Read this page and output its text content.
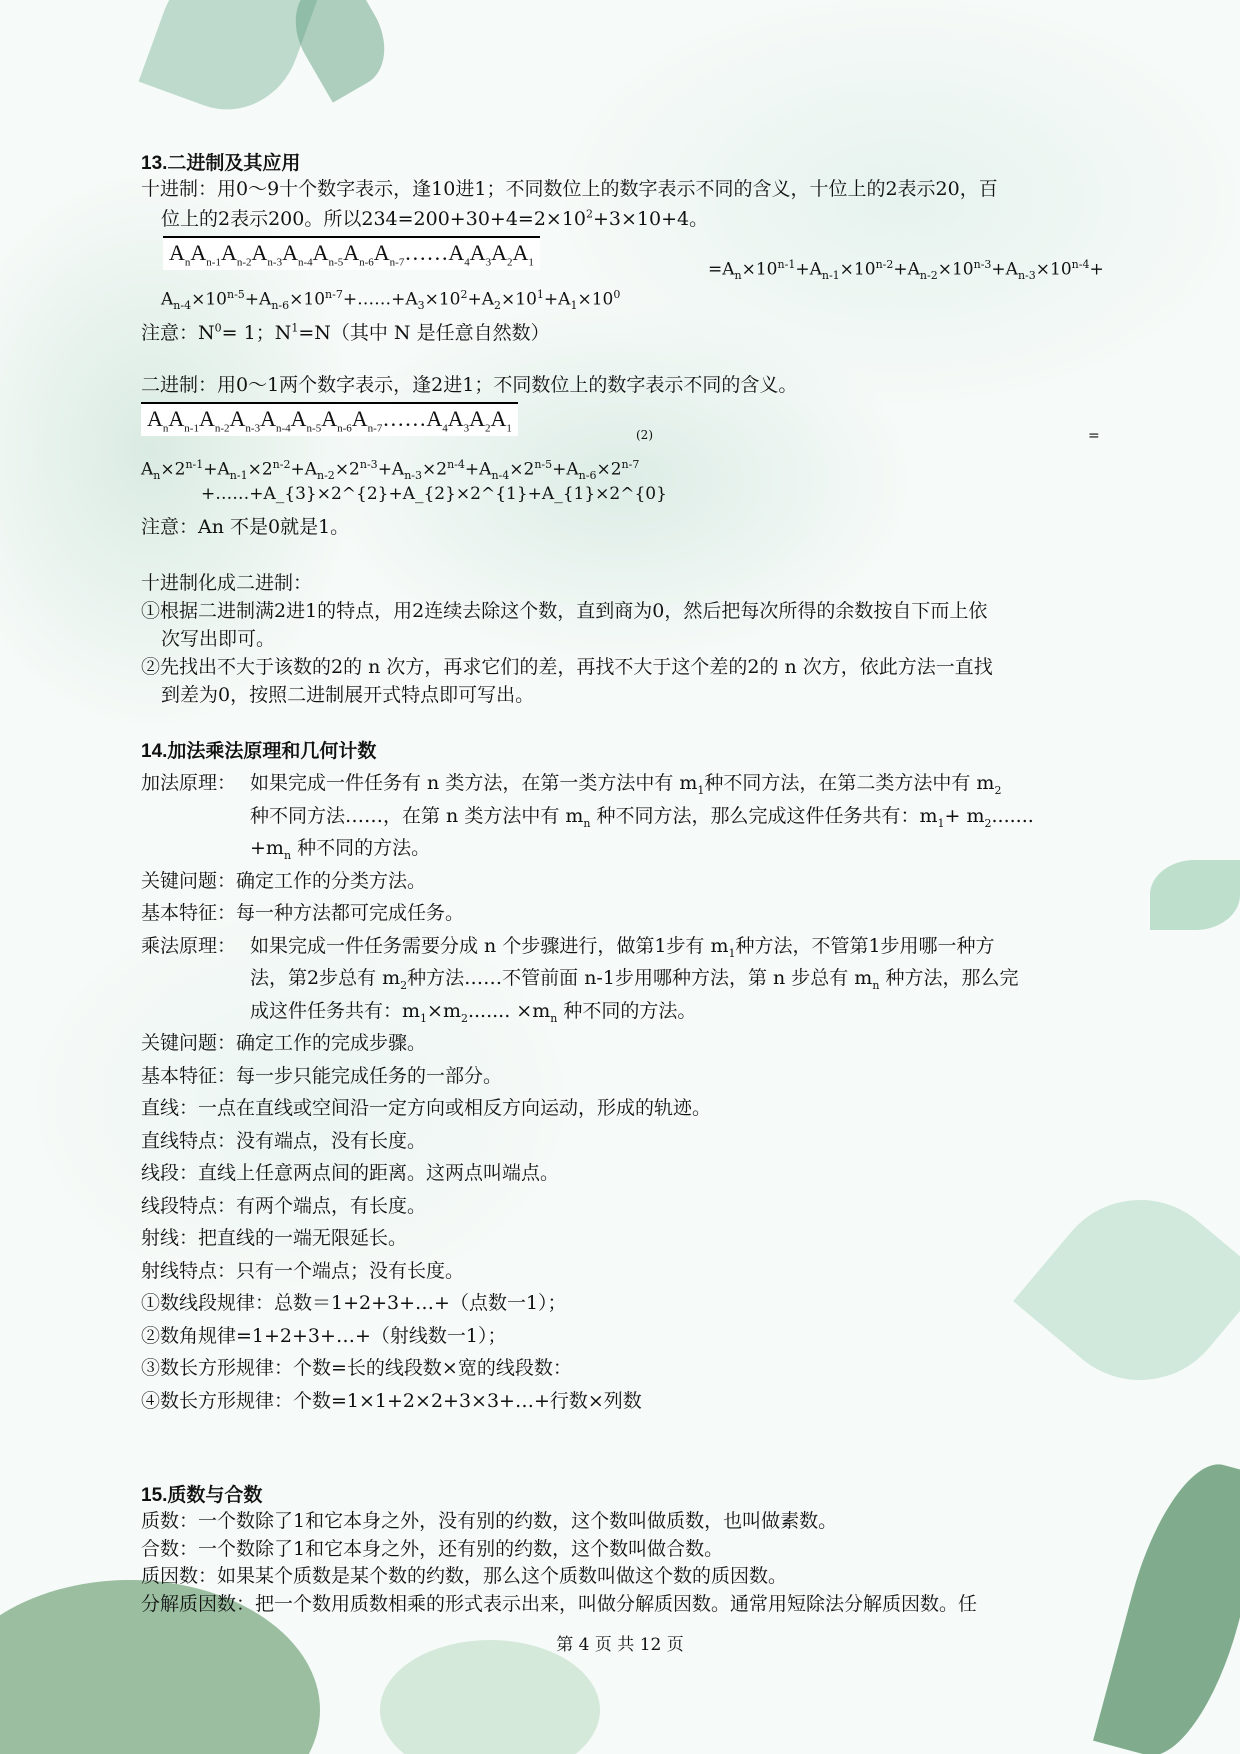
13.二进制及其应用
十进制：用0～9十个数字表示，逢10进1；不同数位上的数字表示不同的含义，十位上的2表示20，百
位上的2表示200。所以$234=200+30+4=2\times 10^2+3\times 10+4$。
$A_nA_{n-1}A_{n-2}A_{n-3}A_{n-4}A_{n-5}A_{n-6}A_{n-7}\dots\dots A_4A_3A_2A_1$	$=A_n\times 10^{n-1}+A_{n-1}\times 10^{n-2}+A_{n-2}\times 10^{n-3}+A_{n-3}\times 10^{n-4}+$
$A_{n-4}\times 10^{n-5}+A_{n-6}\times 10^{n-7}+\dots\dots+A_3\times 10^2+A_2\times 10^1+A_1\times 10^0$
注意：$N^0= 1$；$N^1=N$（其中 N 是任意自然数）
二进制：用0～1两个数字表示，逢2进1；不同数位上的数字表示不同的含义。
$A_nA_{n-1}A_{n-2}A_{n-3}A_{n-4}A_{n-5}A_{n-6}A_{n-7}\dots\dots A_4A_3A_2A_1$	(2)	=
$A_n\times 2^{n-1}+A_{n-1}\times 2^{n-2}+A_{n-2}\times 2^{n-3}+A_{n-3}\times 2^{n-4}+A_{n-4}\times 2^{n-5}+A_{n-6}\times 2^{n-7}$
+……+A_{3}×2^{2}+A_{2}×2^{1}+A_{1}×2^{0}
注意：An 不是0就是1。
十进制化成二进制：
①根据二进制满2进1的特点，用2连续去除这个数，直到商为0，然后把每次所得的余数按自下而上依
次写出即可。
②先找出不大于该数的2的 n 次方，再求它们的差，再找不大于这个差的2的 n 次方，依此方法一直找
到差为0，按照二进制展开式特点即可写出。
14.加法乘法原理和几何计数
加法原理： 如果完成一件任务有 n 类方法，在第一类方法中有 $m_1$种不同方法，在第二类方法中有 $m_2$
种不同方法……，在第 n 类方法中有 $m_n$ 种不同方法，那么完成这件任务共有：$m_1+ m_2$.......
$+m_n$ 种不同的方法。
关键问题：确定工作的分类方法。
基本特征：每一种方法都可完成任务。
乘法原理： 如果完成一件任务需要分成 n 个步骤进行，做第1步有 $m_1$种方法，不管第1步用哪一种方
法，第2步总有 $m_2$种方法……不管前面 n-1步用哪种方法，第 n 步总有 $m_n$ 种方法，那么完
成这件任务共有：$m_1\times m_2$....... $\times m_n$ 种不同的方法。
关键问题：确定工作的完成步骤。
基本特征：每一步只能完成任务的一部分。
直线：一点在直线或空间沿一定方向或相反方向运动，形成的轨迹。
直线特点：没有端点，没有长度。
线段：直线上任意两点间的距离。这两点叫端点。
线段特点：有两个端点，有长度。
射线：把直线的一端无限延长。
射线特点：只有一个端点；没有长度。
①数线段规律：总数＝1+2+3+…+（点数一1）；
②数角规律=1+2+3+…+（射线数一1）；
③数长方形规律：个数=长的线段数×宽的线段数：
④数长方形规律：个数=1×1+2×2+3×3+…+行数×列数
15.质数与合数
质数：一个数除了1和它本身之外，没有别的约数，这个数叫做质数，也叫做素数。
合数：一个数除了1和它本身之外，还有别的约数，这个数叫做合数。
质因数：如果某个质数是某个数的约数，那么这个质数叫做这个数的质因数。
分解质因数：把一个数用质数相乘的形式表示出来，叫做分解质因数。通常用短除法分解质因数。任
第 4 页 共 12 页
